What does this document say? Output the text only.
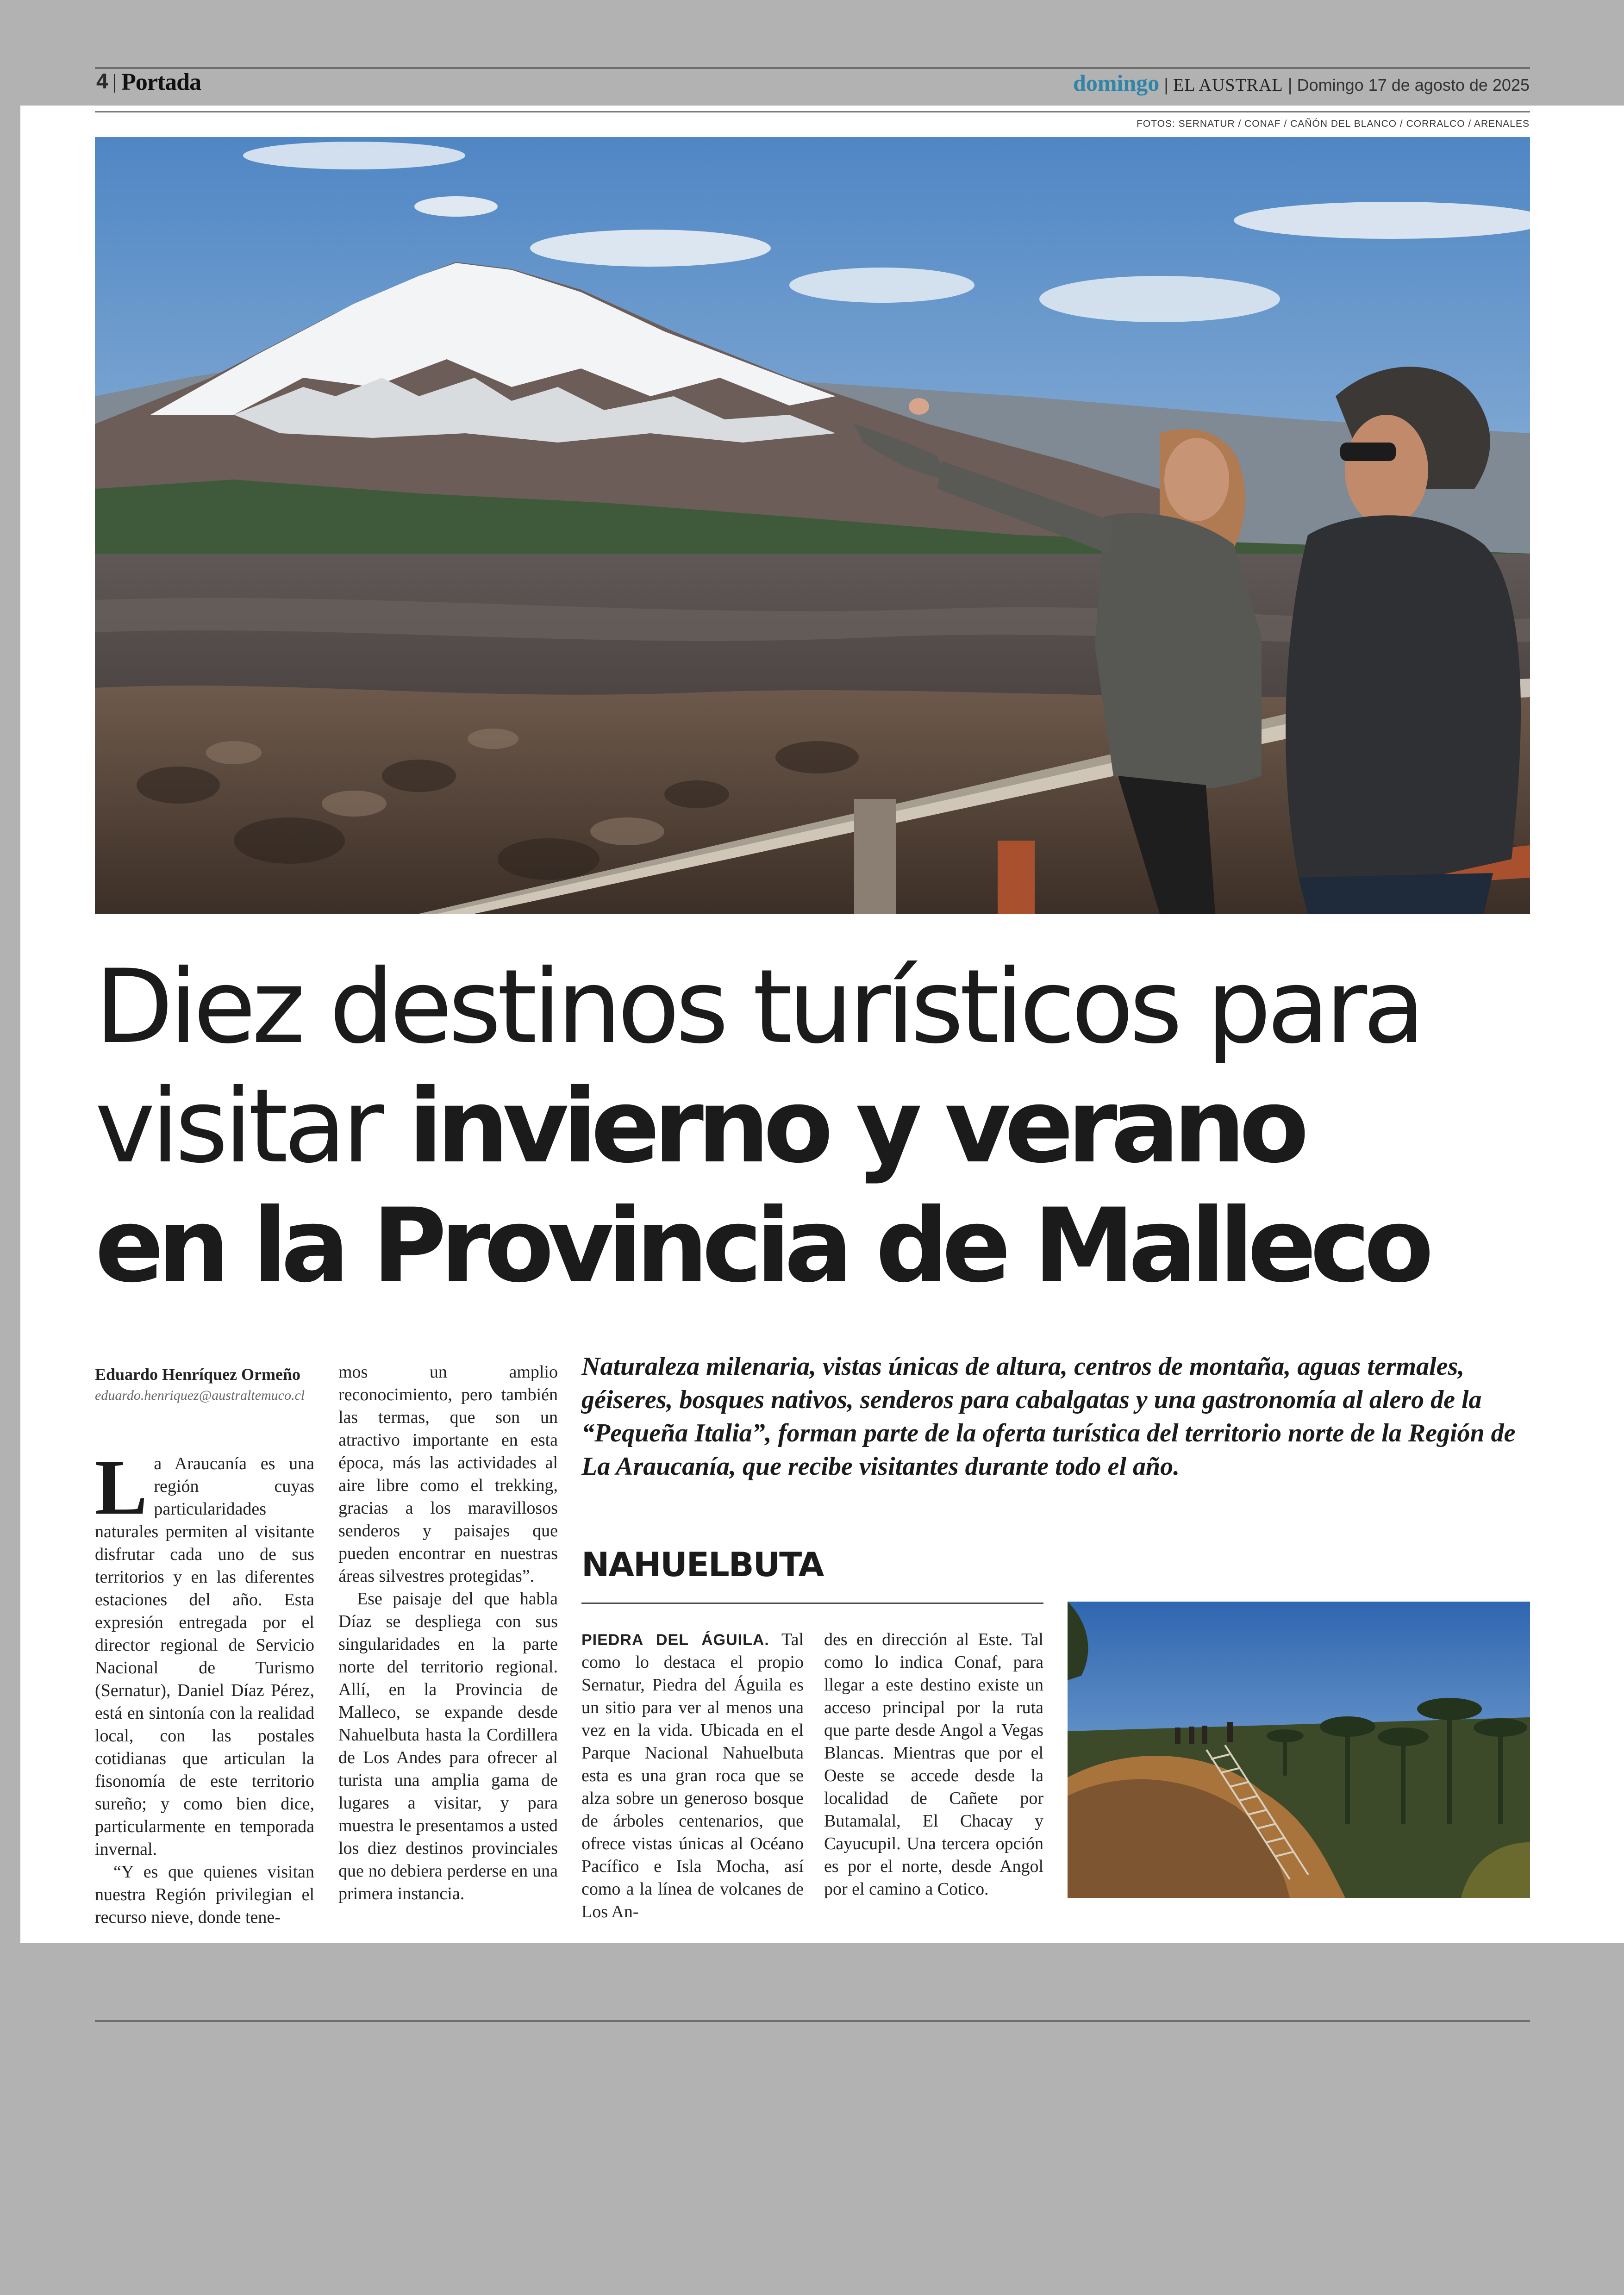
4 Portada	domingo | EL AUSTRAL | Domingo 17 de agosto de 2025
FOTOS: SERNATUR / CONAF / CAÑÓN DEL BLANCO / CORRALCO / ARENALES
Diez destinos turísticos para
visitar invierno y verano
en la Provincia de Malleco
Eduardo Henríquez Ormeño
eduardo.henriquez@australtemuco.cl

La Araucanía es una región cuyas particularidades naturales permiten al visitante disfrutar cada uno de sus territorios y en las diferentes estaciones del año. Esta expresión entregada por el director regional de Servicio Nacional de Turismo (Sernatur), Daniel Díaz Pérez, está en sintonía con la realidad local, con las postales cotidianas que articulan la fisonomía de este territorio sureño; y como bien dice, particularmente en temporada invernal.

“Y es que quienes visitan nuestra Región privilegian el recurso nieve, donde tene-

mos un amplio reconocimiento, pero también las termas, que son un atractivo importante en esta época, más las actividades al aire libre como el trekking, gracias a los maravillosos senderos y paisajes que pueden encontrar en nuestras áreas silvestres protegidas”.

Ese paisaje del que habla Díaz se despliega con sus singularidades en la parte norte del territorio regional. Allí, en la Provincia de Malleco, se expande desde Nahuelbuta hasta la Cordillera de Los Andes para ofrecer al turista una amplia gama de lugares a visitar, y para muestra le presentamos a usted los diez destinos provinciales que no debiera perderse en una primera instancia.

Naturaleza milenaria, vistas únicas de altura, centros de montaña, aguas termales, géiseres, bosques nativos, senderos para cabalgatas y una gastronomía al alero de la “Pequeña Italia”, forman parte de la oferta turística del territorio norte de la Región de La Araucanía, que recibe visitantes durante todo el año.
NAHUELBUTA

PIEDRA DEL ÁGUILA. Tal como lo destaca el propio Sernatur, Piedra del Águila es un sitio para ver al menos una vez en la vida. Ubicada en el Parque Nacional Nahuelbuta esta es una gran roca que se alza sobre un generoso bosque de árboles centenarios, que ofrece vistas únicas al Océano Pacífico e Isla Mocha, así como a la línea de volcanes de Los An-

des en dirección al Este. Tal como lo indica Conaf, para llegar a este destino existe un acceso principal por la ruta que parte desde Angol a Vegas Blancas. Mientras que por el Oeste se accede desde la localidad de Cañete por Butamalal, El Chacay y Cayucupil. Una tercera opción es por el norte, desde Angol por el camino a Cotico.
